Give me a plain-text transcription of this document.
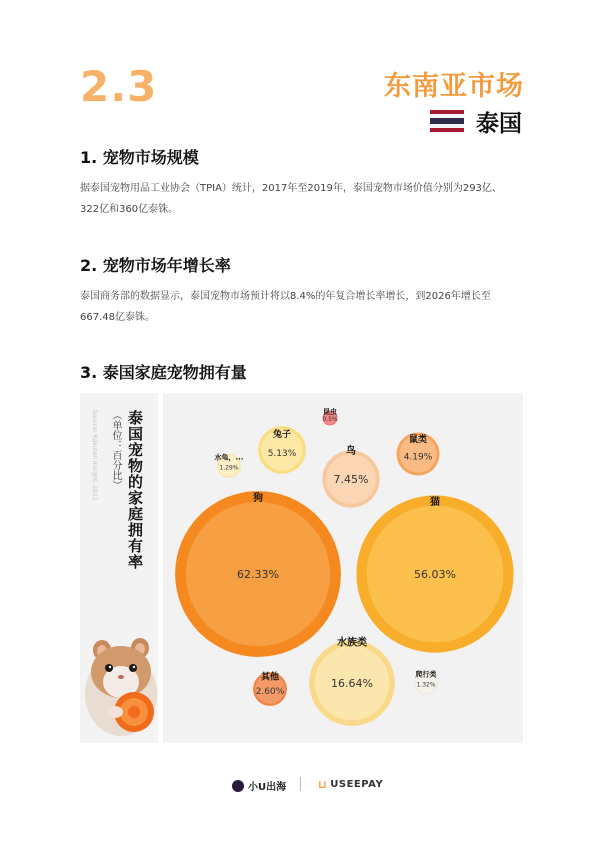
2.3	东南亚市场
泰国
1. 宠物市场规模
据泰国宠物用品工业协会（TPIA）统计，2017年至2019年，泰国宠物市场价值分别为293亿、322亿和360亿泰铢。
2. 宠物市场年增长率
泰国商务部的数据显示，泰国宠物市场预计将以8.4%的年复合增长率增长，到2026年增长至667.48亿泰铢。
3. 泰国家庭宠物拥有量
泰国宠物的家庭拥有率
（单位：百分比）
Source: Rakuten Insight, 2022	狗
62.33%
猫
56.03%
水族类
16.64%
鸟
7.45%
兔子
5.13%
鼠类
4.19%
其他
2.60%
爬行类
1.32%
水龟，...
1.29%
昆虫
0.5%
小U出海	⊔ USEEPAY
